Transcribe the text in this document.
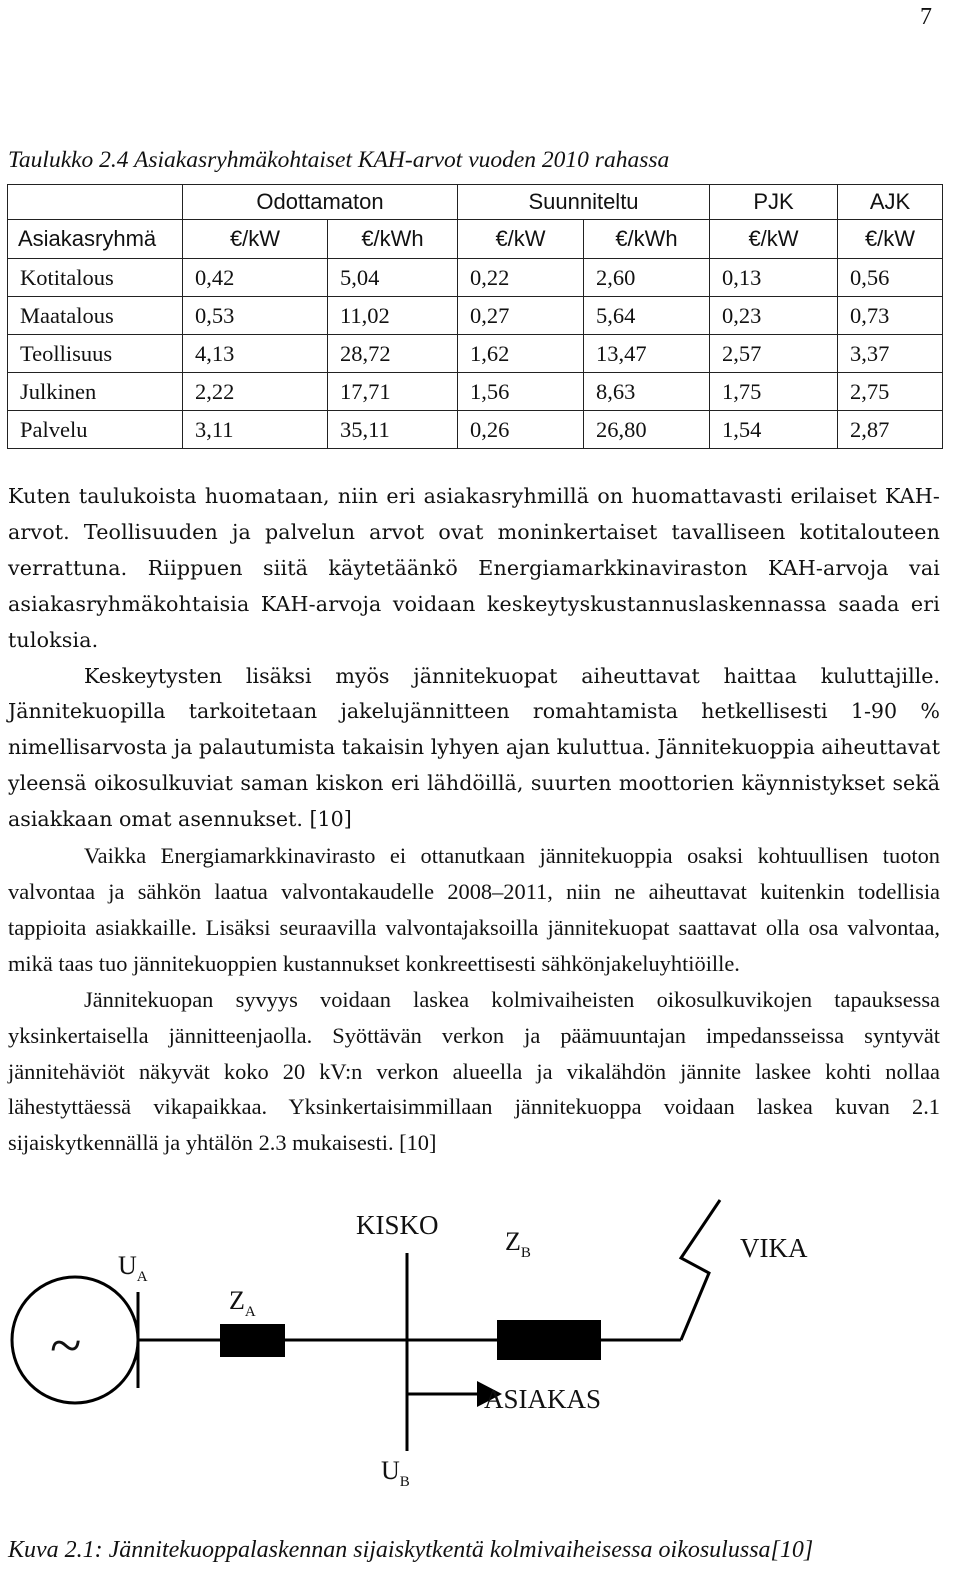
7
Taulukko 2.4 Asiakasryhmäkohtaiset KAH-arvot vuoden 2010 rahassa
	Odottamaton		Suunniteltu		PJK	AJK
Asiakasryhmä	€/kW	€/kWh	€/kW	€/kWh	€/kW	€/kW
Kotitalous	0,42	5,04	0,22	2,60	0,13	0,56
Maatalous	0,53	11,02	0,27	5,64	0,23	0,73
Teollisuus	4,13	28,72	1,62	13,47	2,57	3,37
Julkinen	2,22	17,71	1,56	8,63	1,75	2,75
Palvelu	3,11	35,11	0,26	26,80	1,54	2,87

Kuten taulukoista huomataan, niin eri asiakasryhmillä on huomattavasti erilaiset KAH-arvot. Teollisuuden ja palvelun arvot ovat moninkertaiset tavalliseen kotitalouteen verrattuna. Riippuen siitä käytetäänkö Energiamarkkinaviraston KAH-arvoja vai asiakasryhmäkohtaisia KAH-arvoja voidaan keskeytyskustannuslaskennassa saada eri tuloksia.

Keskeytysten lisäksi myös jännitekuopat aiheuttavat haittaa kuluttajille. Jännitekuopilla tarkoitetaan jakelujännitteen romahtamista hetkellisesti 1-90 % nimellisarvosta ja palautumista takaisin lyhyen ajan kuluttua. Jännitekuoppia aiheuttavat yleensä oikosulkuviat saman kiskon eri lähdöillä, suurten moottorien käynnistykset sekä asiakkaan omat asennukset. [10]

Vaikka Energiamarkkinavirasto ei ottanutkaan jännitekuoppia osaksi kohtuullisen tuoton valvontaa ja sähkön laatua valvontakaudelle 2008–2011, niin ne aiheuttavat kuitenkin todellisia tappioita asiakkaille. Lisäksi seuraavilla valvontajaksoilla jännitekuopat saattavat olla osa valvontaa, mikä taas tuo jännitekuoppien kustannukset konkreettisesti sähkönjakeluyhtiöille.

Jännitekuopan syvyys voidaan laskea kolmivaiheisten oikosulkuvikojen tapauksessa yksinkertaisella jännitteenjaolla. Syöttävän verkon ja päämuuntajan impedansseissa syntyvät jännitehäviöt näkyvät koko 20 kV:n verkon alueella ja vikalähdön jännite laskee kohti nollaa lähestyttäessä vikapaikkaa. Yksinkertaisimmillaan jännitekuoppa voidaan laskea kuvan 2.1 sijaiskytkennällä ja yhtälön 2.3 mukaisesti. [10]

~
$U_A$
$Z_A$
KISKO
$Z_B$	VIKA
ASIAKAS
$U_B$
Kuva 2.1: Jännitekuoppalaskennan sijaiskytkentä kolmivaiheisessa oikosulussa[10]
